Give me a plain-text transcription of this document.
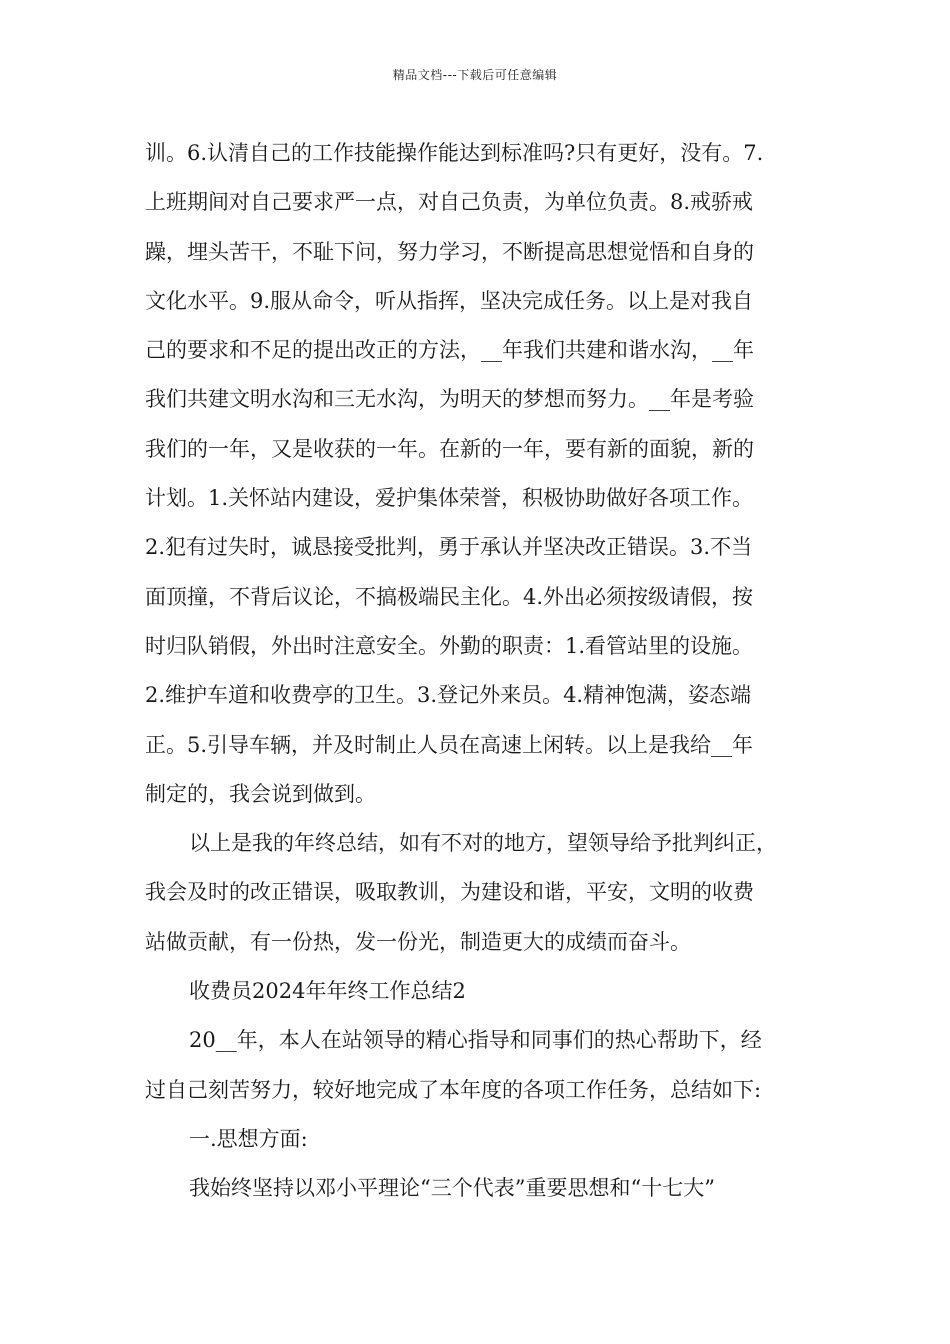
精品文档---下载后可任意编辑
训。6.认清自己的工作技能操作能达到标准吗?只有更好，没有。7.
上班期间对自己要求严一点，对自己负责，为单位负责。8.戒骄戒
躁，埋头苦干，不耻下问，努力学习，不断提高思想觉悟和自身的
文化水平。9.服从命令，听从指挥，坚决完成任务。以上是对我自
己的要求和不足的提出改正的方法，__年我们共建和谐水沟，__年
我们共建文明水沟和三无水沟，为明天的梦想而努力。__年是考验
我们的一年，又是收获的一年。在新的一年，要有新的面貌，新的
计划。1.关怀站内建设，爱护集体荣誉，积极协助做好各项工作。
2.犯有过失时，诚恳接受批判，勇于承认并坚决改正错误。3.不当
面顶撞，不背后议论，不搞极端民主化。4.外出必须按级请假，按
时归队销假，外出时注意安全。外勤的职责：1.看管站里的设施。
2.维护车道和收费亭的卫生。3.登记外来员。4.精神饱满，姿态端
正。5.引导车辆，并及时制止人员在高速上闲转。以上是我给__年
制定的，我会说到做到。
以上是我的年终总结，如有不对的地方，望领导给予批判纠正，
我会及时的改正错误，吸取教训，为建设和谐，平安，文明的收费
站做贡献，有一份热，发一份光，制造更大的成绩而奋斗。
收费员2024年年终工作总结2
20__年，本人在站领导的精心指导和同事们的热心帮助下，经
过自己刻苦努力，较好地完成了本年度的各项工作任务，总结如下:
一.思想方面:
我始终坚持以邓小平理论“三个代表”重要思想和“十七大”
